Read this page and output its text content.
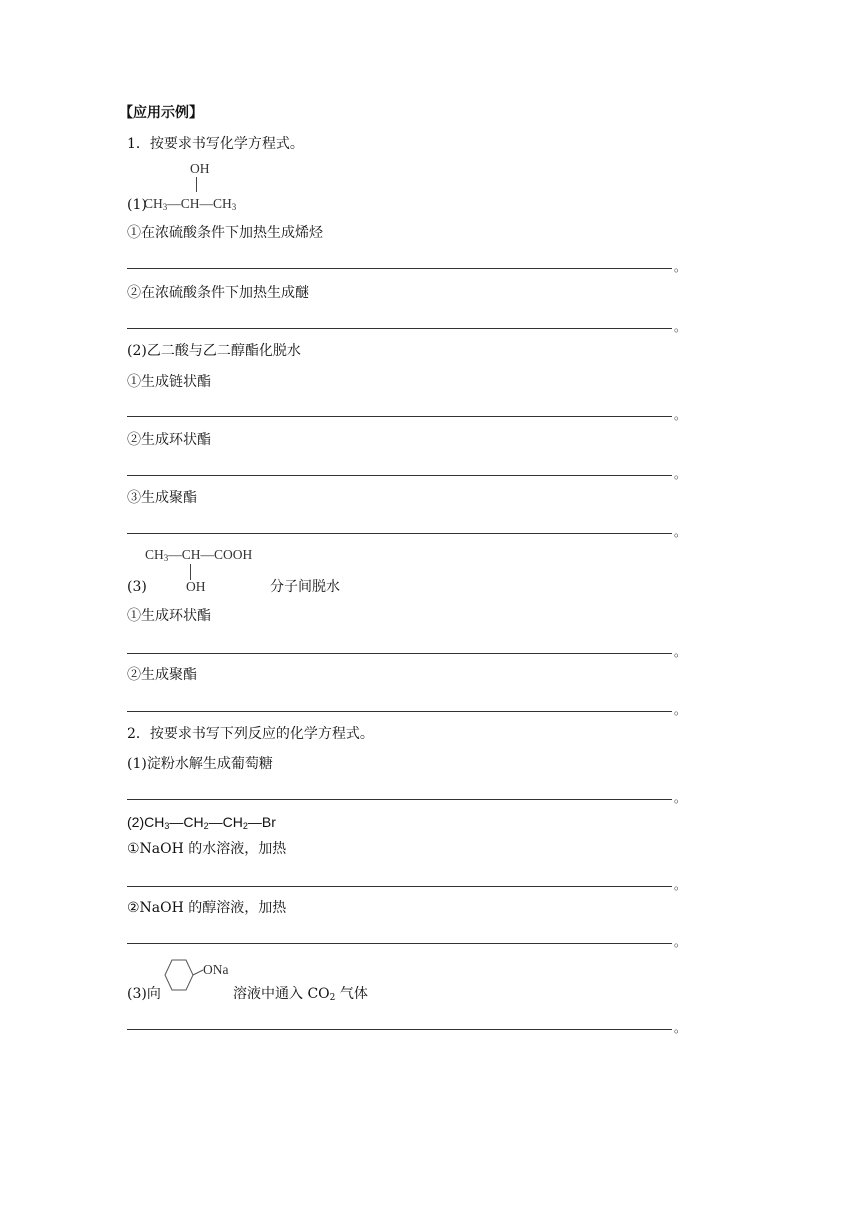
【应用示例】
1．按要求书写化学方程式。
OH
(1)
$CH_3—CH—CH_3$
①在浓硫酸条件下加热生成烯烃
。
②在浓硫酸条件下加热生成醚
。
(2)乙二酸与乙二醇酯化脱水
①生成链状酯
。
②生成环状酯
。
③生成聚酯
。
$CH_3—CH—COOH$
(3)	OH	分子间脱水
①生成环状酯
。
②生成聚酯
。
2．按要求书写下列反应的化学方程式。
(1)淀粉水解生成葡萄糖
。
$(2)CH_3—CH_2—CH_2—Br$
①NaOH 的水溶液，加热
。
②NaOH 的醇溶液，加热
。
ONa
(3)向	溶液中通入 $CO_2$ 气体
。
